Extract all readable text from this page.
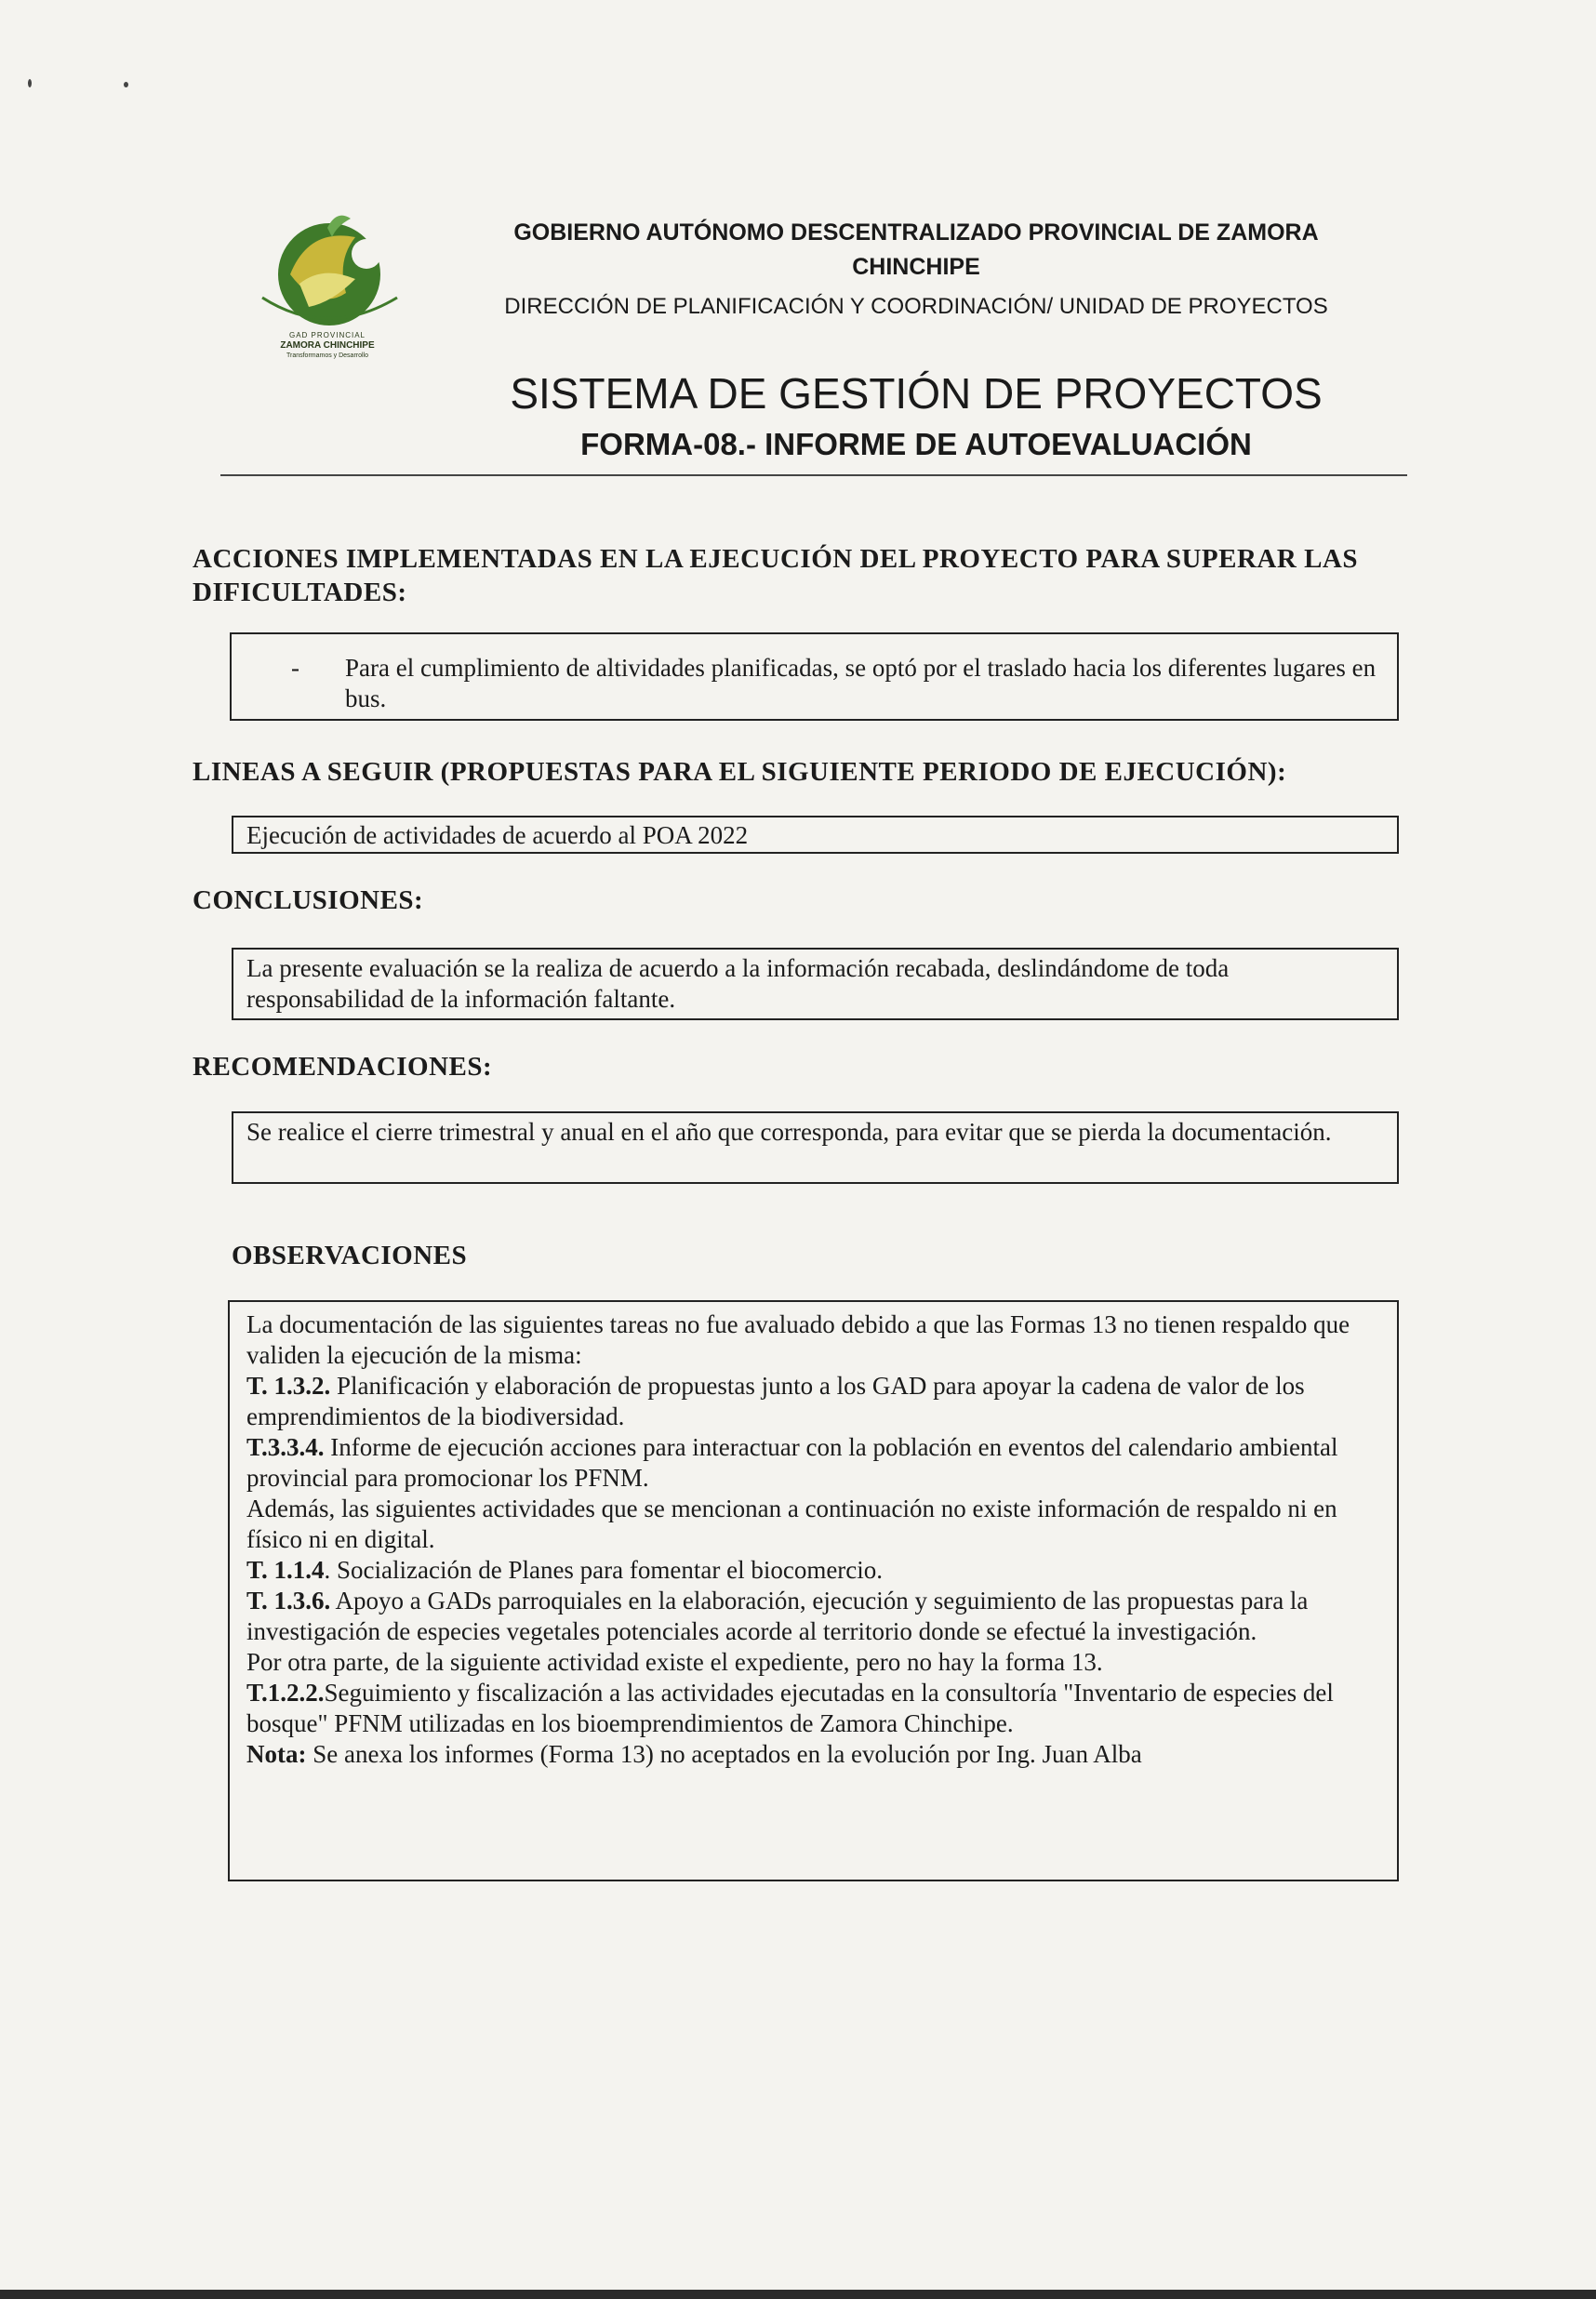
GAD PROVINCIAL
ZAMORA CHINCHIPE
Transformamos y Desarrollo
GOBIERNO AUTÓNOMO DESCENTRALIZADO PROVINCIAL DE ZAMORA CHINCHIPE
DIRECCIÓN DE PLANIFICACIÓN Y COORDINACIÓN/ UNIDAD DE PROYECTOS
SISTEMA DE GESTIÓN DE PROYECTOS
FORMA-08.- INFORME DE AUTOEVALUACIÓN
ACCIONES IMPLEMENTADAS EN LA EJECUCIÓN DEL PROYECTO PARA SUPERAR LAS DIFICULTADES:
-	Para el cumplimiento de altividades planificadas, se optó por el traslado hacia los diferentes lugares en bus.
LINEAS A SEGUIR (PROPUESTAS PARA EL SIGUIENTE PERIODO DE EJECUCIÓN):
Ejecución de actividades de acuerdo al POA 2022
CONCLUSIONES:
La presente evaluación se la realiza de acuerdo a la información recabada, deslindándome de toda responsabilidad de la información faltante.
RECOMENDACIONES:
Se realice el cierre trimestral y anual en el año que corresponda, para evitar que se pierda la documentación.
OBSERVACIONES
La documentación de las siguientes tareas no fue avaluado debido a que las Formas 13 no tienen respaldo que validen la ejecución de la misma:
T. 1.3.2. Planificación y elaboración de propuestas junto a los GAD para apoyar la cadena de valor de los emprendimientos de la biodiversidad.
T.3.3.4. Informe de ejecución acciones para interactuar con la población en eventos del calendario ambiental provincial para promocionar los PFNM.
Además, las siguientes actividades que se mencionan a continuación no existe información de respaldo ni en físico ni en digital.
T. 1.1.4. Socialización de Planes para fomentar el biocomercio.
T. 1.3.6. Apoyo a GADs parroquiales en la elaboración, ejecución y seguimiento de las propuestas para la investigación de especies vegetales potenciales acorde al territorio donde se efectué la investigación.
Por otra parte, de la siguiente actividad existe el expediente, pero no hay la forma 13.
T.1.2.2.Seguimiento y fiscalización a las actividades ejecutadas en la consultoría "Inventario de especies del bosque" PFNM utilizadas en los bioemprendimientos de Zamora Chinchipe.
Nota: Se anexa los informes (Forma 13) no aceptados en la evolución por Ing. Juan Alba
